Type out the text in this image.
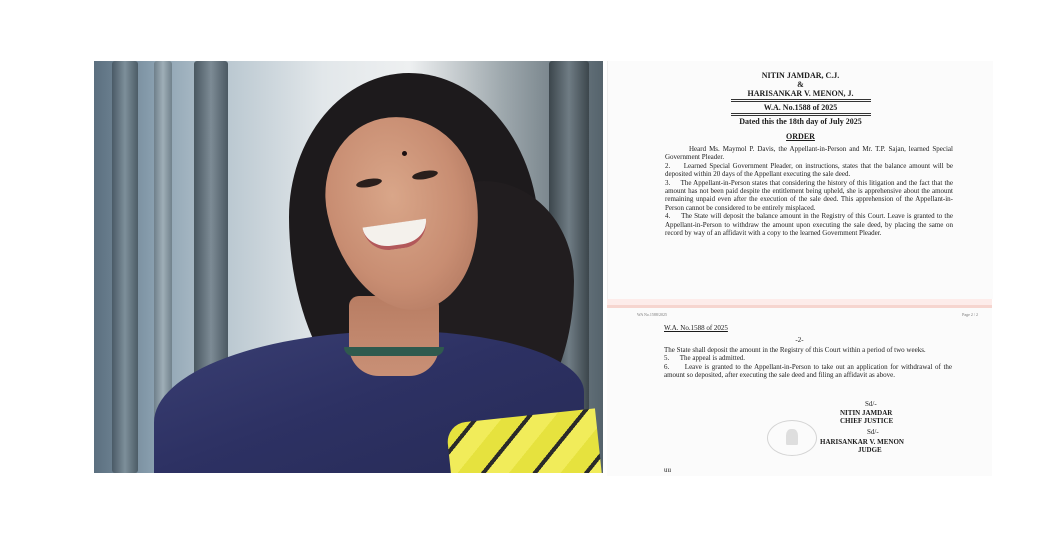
NITIN JAMDAR, C.J.

&

HARISANKAR V. MENON, J.

W.A. No.1588 of 2025

Dated this the 18th day of July 2025

ORDER

Heard Ms. Maymol P. Davis, the Appellant-in-Person and Mr. T.P. Sajan, learned Special Government Pleader.

2.     Learned Special Government Pleader, on instructions, states that the balance amount will be deposited within 20 days of the Appellant executing the sale deed.

3.     The Appellant-in-Person states that considering the history of this litigation and the fact that the amount has not been paid despite the entitlement being upheld, she is apprehensive about the amount remaining unpaid even after the execution of the sale deed. This apprehension of the Appellant-in-Person cannot be considered to be entirely misplaced.

4.     The State will deposit the balance amount in the Registry of this Court. Leave is granted to the Appellant-in-Person to withdraw the amount upon executing the sale deed, by placing the same on record by way of an affidavit with a copy to the learned Government Pleader.

WA No.1588/2025	Page 2 / 2
W.A. No.1588 of 2025
-2-

The State shall deposit the amount in the Registry of this Court within a period of two weeks.

5.      The appeal is admitted.

6.      Leave is granted to the Appellant-in-Person to take out an application for withdrawal of the amount so deposited, after executing the sale deed and filing an affidavit as above.

Sd/-
NITIN JAMDAR
CHIEF JUSTICE
Sd/-
HARISANKAR V. MENON
JUDGE
uu
